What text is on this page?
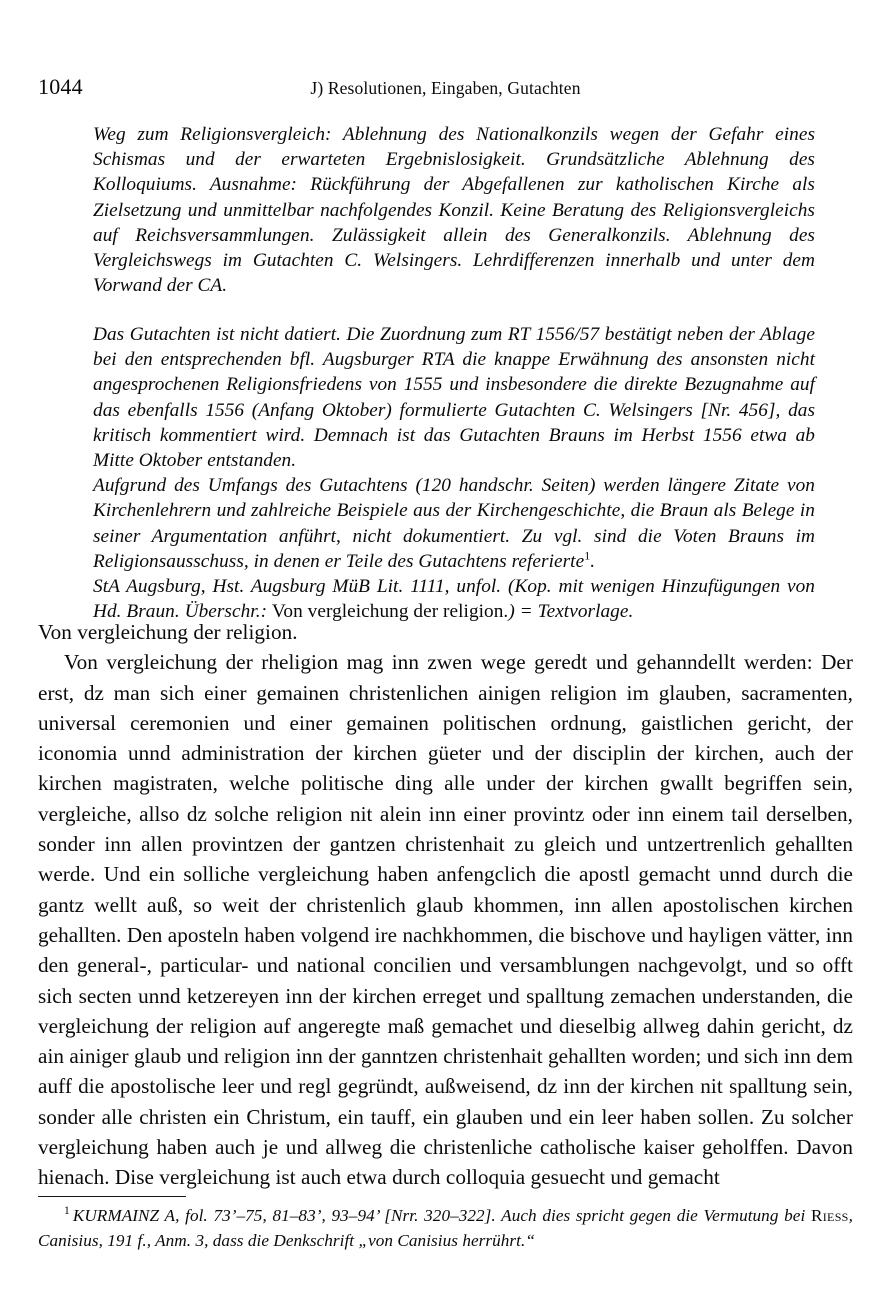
1044	J) Resolutionen, Eingaben, Gutachten

Weg zum Religionsvergleich: Ablehnung des Nationalkonzils wegen der Gefahr eines Schismas und der erwarteten Ergebnislosigkeit. Grundsätzliche Ablehnung des Kolloquiums. Ausnahme: Rückführung der Abgefallenen zur katholischen Kirche als Zielsetzung und unmittelbar nachfolgendes Konzil. Keine Beratung des Religionsvergleichs auf Reichsversammlungen. Zulässigkeit allein des Generalkonzils. Ablehnung des Vergleichswegs im Gutachten C. Welsingers. Lehrdifferenzen innerhalb und unter dem Vorwand der CA.

Das Gutachten ist nicht datiert. Die Zuordnung zum RT 1556/57 bestätigt neben der Ablage bei den entsprechenden bfl. Augsburger RTA die knappe Erwähnung des ansonsten nicht angesprochenen Religionsfriedens von 1555 und insbesondere die direkte Bezugnahme auf das ebenfalls 1556 (Anfang Oktober) formulierte Gutachten C. Welsingers [Nr. 456], das kritisch kommentiert wird. Demnach ist das Gutachten Brauns im Herbst 1556 etwa ab Mitte Oktober entstanden.

Aufgrund des Umfangs des Gutachtens (120 handschr. Seiten) werden längere Zitate von Kirchenlehrern und zahlreiche Beispiele aus der Kirchengeschichte, die Braun als Belege in seiner Argumentation anführt, nicht dokumentiert. Zu vgl. sind die Voten Brauns im Religionsausschuss, in denen er Teile des Gutachtens referierte$^1$.

StA Augsburg, Hst. Augsburg MüB Lit. 1111, unfol. (Kop. mit wenigen Hinzufügungen von Hd. Braun. Überschr.: Von vergleichung der religion.) = Textvorlage.

Von vergleichung der religion.

Von vergleichung der rheligion mag inn zwen wege geredt und gehanndellt werden: Der erst, dz man sich einer gemainen christenlichen ainigen religion im glauben, sacramenten, universal ceremonien und einer gemainen politischen ordnung, gaistlichen gericht, der iconomia unnd administration der kirchen güeter und der disciplin der kirchen, auch der kirchen magistraten, welche politische ding alle under der kirchen gwallt begriffen sein, vergleiche, allso dz solche religion nit alein inn einer provintz oder inn einem tail derselben, sonder inn allen provintzen der gantzen christenhait zu gleich und untzertrenlich gehallten werde. Und ein solliche vergleichung haben anfengclich die apostl gemacht unnd durch die gantz wellt auß, so weit der christenlich glaub khommen, inn allen apostolischen kirchen gehallten. Den aposteln haben volgend ire nachkhommen, die bischove und hayligen vätter, inn den general-, particular- und national concilien und versamblungen nachgevolgt, und so offt sich secten unnd ketzereyen inn der kirchen erreget und spalltung zemachen understanden, die vergleichung der religion auf angeregte maß gemachet und dieselbig allweg dahin gericht, dz ain ainiger glaub und religion inn der ganntzen christenhait gehallten worden; und sich inn dem auff die apostolische leer und regl gegründt, außweisend, dz inn der kirchen nit spalltung sein, sonder alle christen ein Christum, ein tauff, ein glauben und ein leer haben sollen. Zu solcher vergleichung haben auch je und allweg die christenliche catholische kaiser geholffen. Davon hienach. Dise vergleichung ist auch etwa durch colloquia gesuecht und gemacht

$^1$ KURMAINZ A, fol. 73’–75, 81–83’, 93–94’ [Nrr. 320–322]. Auch dies spricht gegen die Vermutung bei Riess, Canisius, 191 f., Anm. 3, dass die Denkschrift „von Canisius herrührt.“
